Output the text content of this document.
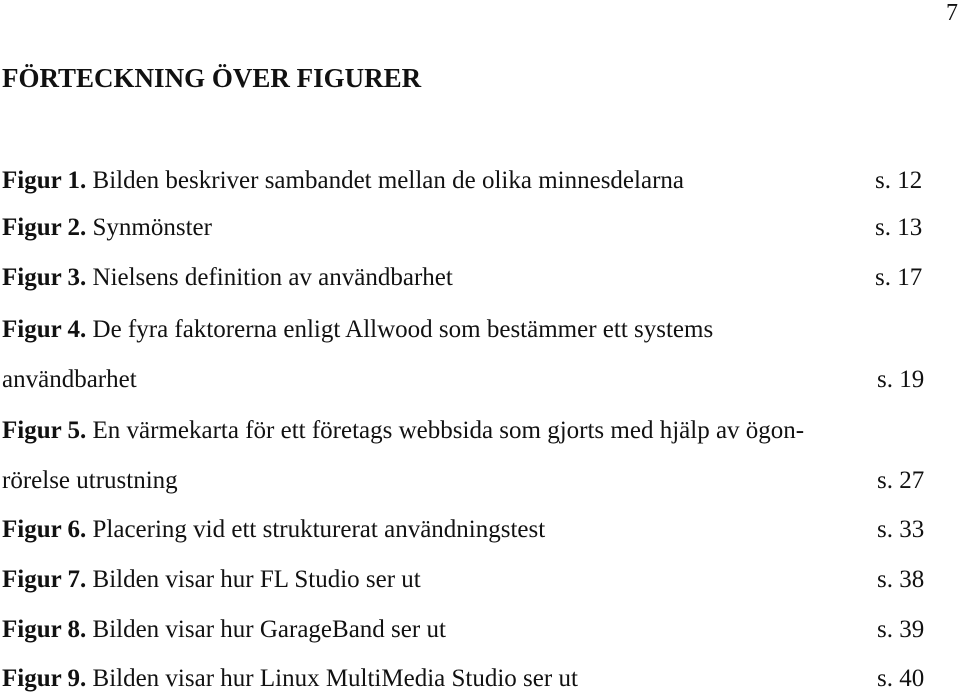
7
FÖRTECKNING ÖVER FIGURER
Figur 1. Bilden beskriver sambandet mellan de olika minnesdelarna	s. 12
Figur 2. Synmönster	s. 13
Figur 3. Nielsens definition av användbarhet	s. 17
Figur 4. De fyra faktorerna enligt Allwood som bestämmer ett systems
användbarhet	s. 19
Figur 5. En värmekarta för ett företags webbsida som gjorts med hjälp av ögon-
rörelse utrustning	s. 27
Figur 6. Placering vid ett strukturerat användningstest	s. 33
Figur 7. Bilden visar hur FL Studio ser ut	s. 38
Figur 8. Bilden visar hur GarageBand ser ut	s. 39
Figur 9. Bilden visar hur Linux MultiMedia Studio ser ut	s. 40
